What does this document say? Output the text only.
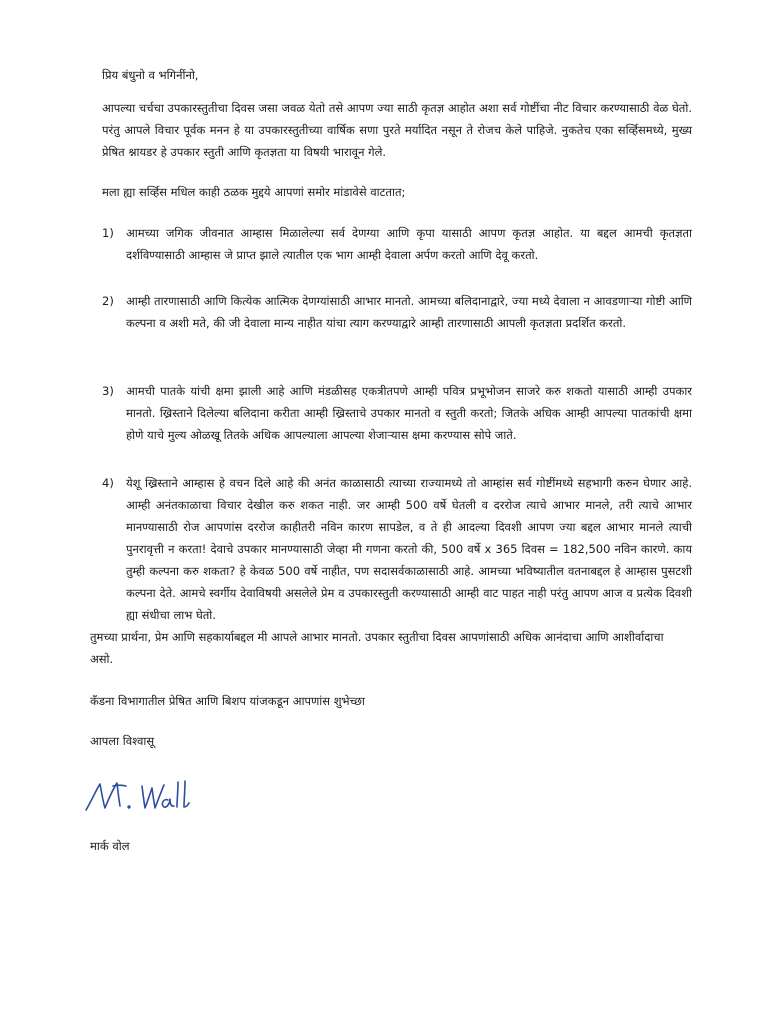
प्रिय बंधुनो व भगिनींनो,
आपल्या चर्चचा उपकारस्तुतीचा दिवस जसा जवळ येतो तसे आपण ज्या साठी कृतज्ञ आहोत अशा सर्व गोष्टींचा नीट विचार करण्यासाठी वेळ घेतो. परंतु आपले विचार पूर्वक मनन हे या उपकारस्तुतीच्या वार्षिक सणा पुरते मर्यादित नसून ते रोजच केले पाहिजे. नुकतेच एका सर्व्हिसमध्ये, मुख्य प्रेषित श्नायडर हे उपकार स्तुती आणि कृतज्ञता या विषयी भारावून गेले.
मला ह्या सर्व्हिस मधिल काही ठळक मुद्दये आपणां समोर मांडावेसे वाटतात;
1)	आमच्या जगिक जीवनात आम्हास मिळालेल्या सर्व देणग्या आणि कृपा यासाठी आपण कृतज्ञ आहोत. या बद्दल आमची कृतज्ञता दर्शविण्यासाठी आम्हास जे प्राप्त झाले त्यातील एक भाग आम्ही देवाला अर्पण करतो आणि देवू करतो.
2)	आम्ही तारणासाठी आणि कित्येक आत्मिक देणग्यांसाठी आभार मानतो. आमच्या बलिदानाद्वारे, ज्या मध्ये देवाला न आवडणाऱ्या गोष्टी आणि कल्पना व अशी मते, की जी देवाला मान्य नाहीत यांचा त्याग करण्याद्वारे आम्ही तारणासाठी आपली कृतज्ञता प्रदर्शित करतो.
3)	आमची पातके यांची क्षमा झाली आहे आणि मंडळीसह एकत्रीतपणे आम्ही पवित्र प्रभूभोजन साजरे करु शकतो यासाठी आम्ही उपकार मानतो. ख्रिस्ताने दिलेल्या बलिदाना करीता आम्ही ख्रिस्ताचे उपकार मानतो व स्तुती करतो; जितके अधिक आम्ही आपल्या पातकांची क्षमा होणे याचे मुल्य ओळखू तितके अधिक आपल्याला आपल्या शेजाऱ्यास क्षमा करण्यास सोपे जाते.
4)	येशू ख्रिस्ताने आम्हास हे वचन दिले आहे की अनंत काळासाठी त्याच्या राज्यामध्ये तो आम्हांस सर्व गोष्टींमध्ये सहभागी करुन घेणार आहे. आम्ही अनंतकाळाचा विचार देखील करु शकत नाही. जर आम्ही 500 वर्षे घेतली व दररोज त्याचे आभार मानले, तरी त्याचे आभार मानण्यासाठी रोज आपणांस दररोज काहीतरी नविन कारण सापडेल, व ते ही आदल्या दिवशी आपण ज्या बद्दल आभार मानले त्याची पुनरावृत्ती न करता! देवाचे उपकार मानण्यासाठी जेव्हा मी गणना करतो की, 500 वर्षे x 365 दिवस = 182,500 नविन कारणे. काय तुम्ही कल्पना करु शकता? हे केवळ 500 वर्षे नाहीत, पण सदासर्वकाळासाठी आहे. आमच्या भविष्यातील वतनाबद्दल हे आम्हास पुसटशी कल्पना देते. आमचे स्वर्गीय देवाविषयी असलेले प्रेम व उपकारस्तुती करण्यासाठी आम्ही वाट पाहत नाही परंतु आपण आज व प्रत्येक दिवशी ह्या संधीचा लाभ घेतो.
तुमच्या प्रार्थना, प्रेम आणि सहकार्याबद्दल मी आपले आभार मानतो. उपकार स्तुतीचा दिवस आपणांसाठी अधिक आनंदाचा आणि आशीर्वादाचा असो.
कॅंडना विभागातील प्रेषित आणि बिशप यांजकडून आपणांस शुभेच्छा
आपला विश्वासू
मार्क वोल
